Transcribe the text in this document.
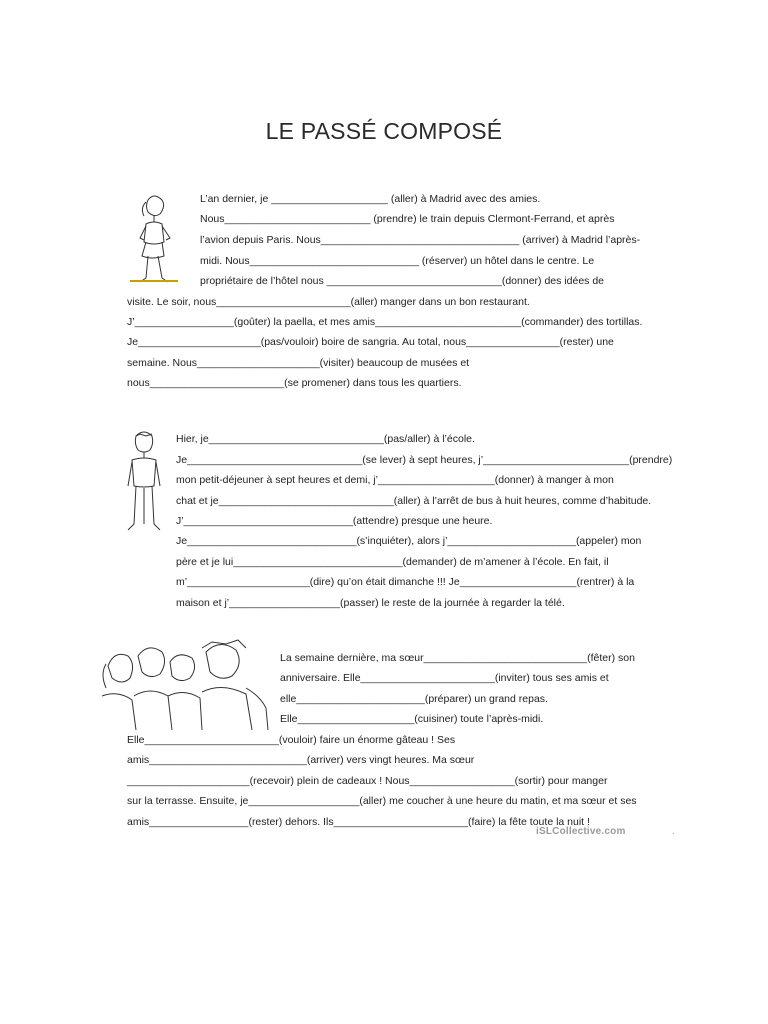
LE PASSÉ COMPOSÉ
L’an dernier, je ____________________ (aller) à Madrid avec des amies.
Nous_________________________ (prendre) le train depuis Clermont-Ferrand, et après
l’avion depuis Paris. Nous__________________________________ (arriver) à Madrid l’après-
midi. Nous_____________________________ (réserver) un hôtel dans le centre. Le
propriétaire de l’hôtel nous ______________________________(donner) des idées de
visite. Le soir, nous_______________________(aller) manger dans un bon restaurant.
J’_________________(goûter) la paella, et mes amis_________________________(commander) des tortillas.
Je_____________________(pas/vouloir) boire de sangria. Au total, nous________________(rester) une
semaine. Nous_____________________(visiter) beaucoup de musées et
nous_______________________(se promener) dans tous les quartiers.
Hier, je______________________________(pas/aller) à l’école.
Je______________________________(se lever) à sept heures, j’_________________________(prendre)
mon petit-déjeuner à sept heures et demi, j’____________________(donner) à manger à mon
chat et je______________________________(aller) à l’arrêt de bus à huit heures, comme d’habitude.
J’_____________________________(attendre) presque une heure.
Je_____________________________(s’inquiéter), alors j’______________________(appeler) mon
père et je lui_____________________________(demander) de m’amener à l’école. En fait, il
m’_____________________(dire) qu’on était dimanche !!! Je____________________(rentrer) à la
maison et j’___________________(passer) le reste de la journée à regarder la télé.
La semaine dernière, ma sœur____________________________(fêter) son
anniversaire. Elle_______________________(inviter) tous ses amis et
elle______________________(préparer) un grand repas.
Elle____________________(cuisiner) toute l’après-midi.
Elle_______________________(vouloir) faire un énorme gâteau ! Ses
amis___________________________(arriver) vers vingt heures. Ma sœur
_____________________(recevoir) plein de cadeaux ! Nous__________________(sortir) pour manger
sur la terrasse. Ensuite, je___________________(aller) me coucher à une heure du matin, et ma sœur et ses
amis_________________(rester) dehors. Ils_______________________(faire) la fête toute la nuit !
iSLCollective.com	.
